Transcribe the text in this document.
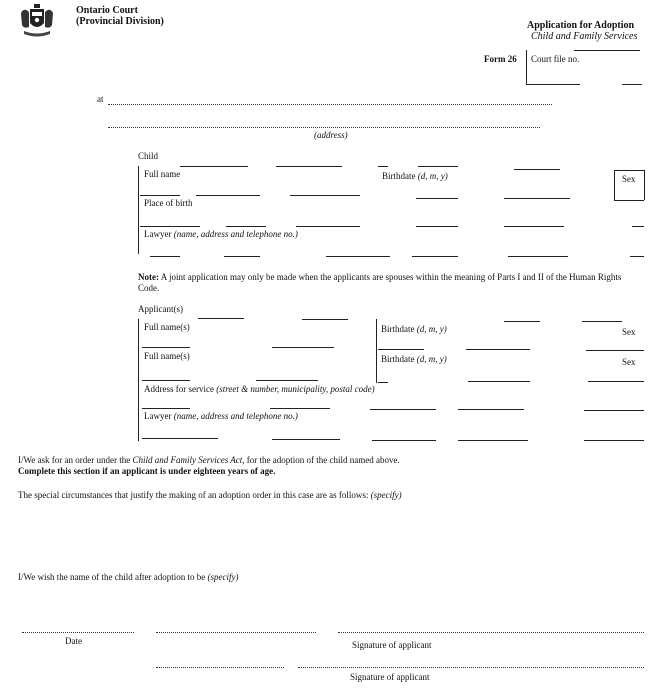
Ontario Court
(Provincial Division)	Application for Adoption
Child and Family Services
Form 26 Court file no.
at
(address)
Child
Full name	Birthdate (d, m, y)	Sex
Place of birth
Lawyer (name, address and telephone no.)
Note: A joint application may only be made when the applicants are spouses within the meaning of Parts I and II of the Human Rights Code.
Applicant(s)
Full name(s)	Birthdate (d, m, y)	Sex
Full name(s)	Birthdate (d, m, y)	Sex
Address for service (street & number, municipality, postal code)
Lawyer (name, address and telephone no.)
I/We ask for an order under the Child and Family Services Act, for the adoption of the child named above.
Complete this section if an applicant is under eighteen years of age.
The special circumstances that justify the making of an adoption order in this case are as follows: (specify)
I/We wish the name of the child after adoption to be (specify)
Date	Signature of applicant
Signature of applicant
